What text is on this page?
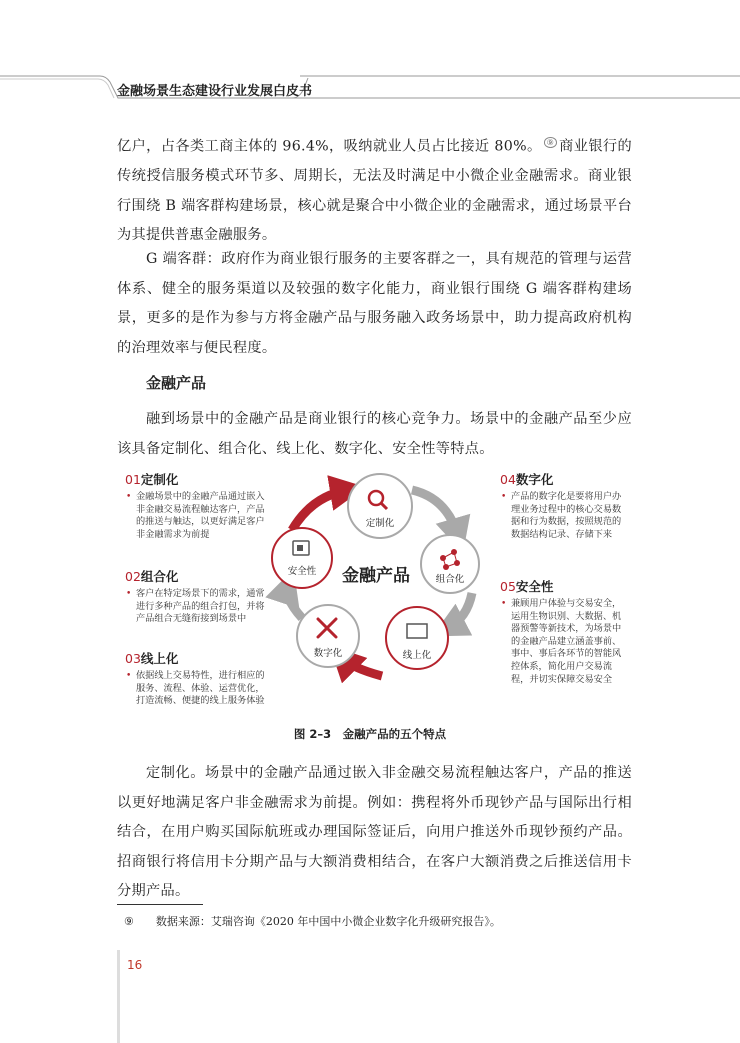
金融场景生态建设行业发展白皮书
亿户，占各类工商主体的 96.4%，吸纳就业人员占比接近 80%。 ⑨ 商业银行的传统授信服务模式环节多、周期长，无法及时满足中小微企业金融需求。商业银行围绕 B 端客群构建场景，核心就是聚合中小微企业的金融需求，通过场景平台为其提供普惠金融服务。
G 端客群：政府作为商业银行服务的主要客群之一，具有规范的管理与运营体系、健全的服务渠道以及较强的数字化能力，商业银行围绕 G 端客群构建场景，更多的是作为参与方将金融产品与服务融入政务场景中，助力提高政府机构的治理效率与便民程度。
金融产品
融到场景中的金融产品是商业银行的核心竞争力。场景中的金融产品至少应该具备定制化、组合化、线上化、数字化、安全性等特点。
01定制化
• 金融场景中的金融产品通过嵌入非金融交易流程触达客户，产品的推送与触达，以更好满足客户非金融需求为前提
02组合化
• 客户在特定场景下的需求，通常进行多种产品的组合打包，并将产品组合无缝衔接到场景中
03线上化
• 依据线上交易特性，进行相应的服务、流程、体验、运营优化，打造流畅、便捷的线上服务体验
04数字化
• 产品的数字化是要将用户办理业务过程中的核心交易数据和行为数据，按照规范的数据结构记录、存储下来
05安全性
• 兼顾用户体验与交易安全，运用生物识别、大数据、机器预警等新技术，为场景中的金融产品建立涵盖事前、事中、事后各环节的智能风控体系，简化用户交易流程，并切实保障交易安全
定制化
组合化
线上化
数字化
安全性 金融产品
图 2–3　金融产品的五个特点
定制化。场景中的金融产品通过嵌入非金融交易流程触达客户，产品的推送以更好地满足客户非金融需求为前提。例如：携程将外币现钞产品与国际出行相结合，在用户购买国际航班或办理国际签证后，向用户推送外币现钞预约产品。招商银行将信用卡分期产品与大额消费相结合，在客户大额消费之后推送信用卡分期产品。
⑨ 数据来源：艾瑞咨询《2020 年中国中小微企业数字化升级研究报告》。
16
